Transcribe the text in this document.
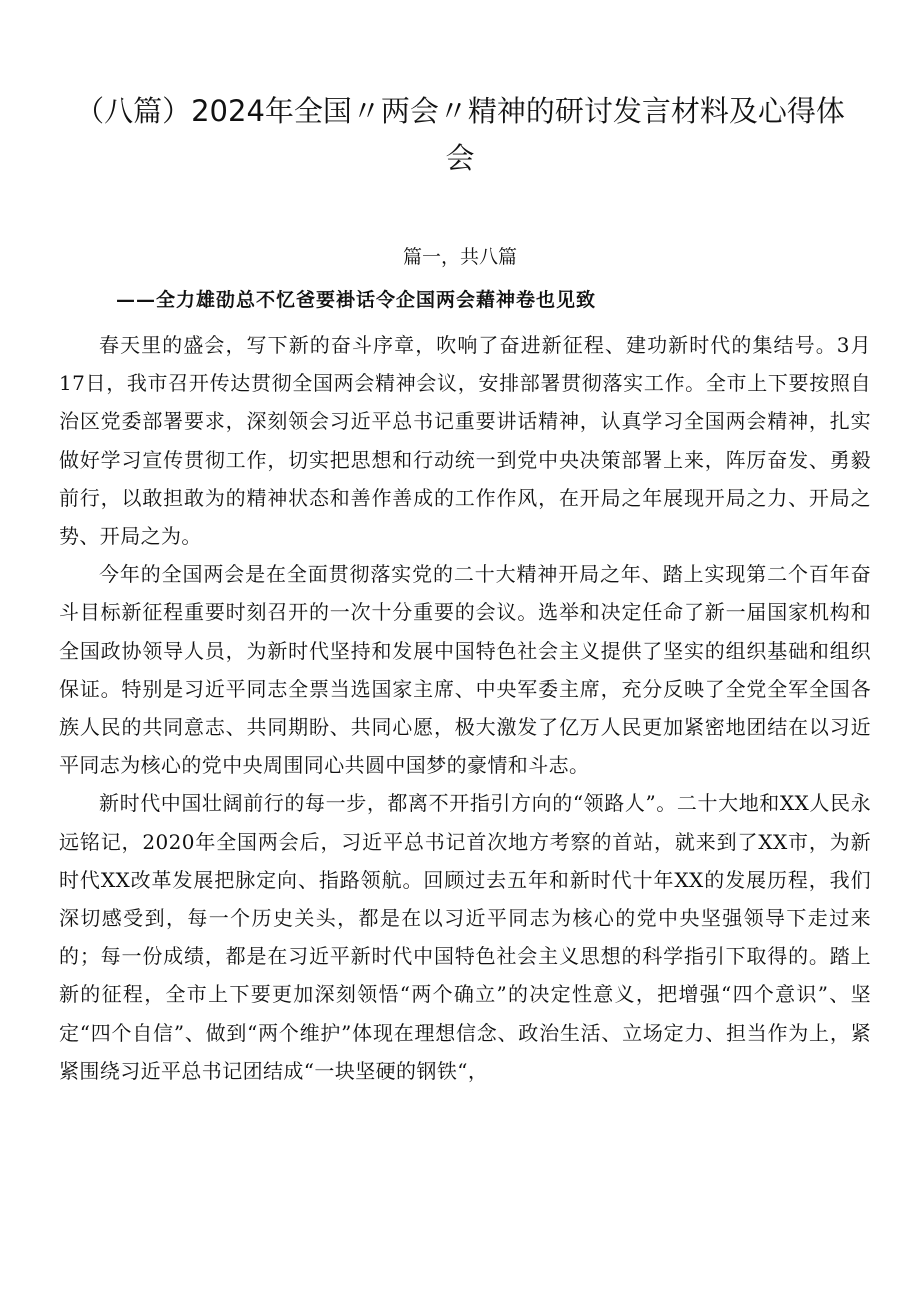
（八篇）2024年全国〃两会〃精神的研讨发言材料及心得体会
篇一，共八篇
——全力雄劭总不忆爸要褂话令企国两会藉神卷也见致

春天里的盛会，写下新的奋斗序章，吹响了奋进新征程、建功新时代的集结号。3月17日，我市召开传达贯彻全国两会精神会议，安排部署贯彻落实工作。全市上下要按照自治区党委部署要求，深刻领会习近平总书记重要讲话精神，认真学习全国两会精神，扎实做好学习宣传贯彻工作，切实把思想和行动统一到党中央决策部署上来，阵厉奋发、勇毅前行，以敢担敢为的精神状态和善作善成的工作作风，在开局之年展现开局之力、开局之势、开局之为。

今年的全国两会是在全面贯彻落实党的二十大精神开局之年、踏上实现第二个百年奋斗目标新征程重要时刻召开的一次十分重要的会议。选举和决定任命了新一届国家机构和全国政协领导人员，为新时代坚持和发展中国特色社会主义提供了坚实的组织基础和组织保证。特别是习近平同志全票当选国家主席、中央军委主席，充分反映了全党全军全国各族人民的共同意志、共同期盼、共同心愿，极大激发了亿万人民更加紧密地团结在以习近平同志为核心的党中央周围同心共圆中国梦的豪情和斗志。

新时代中国壮阔前行的每一步，都离不开指引方向的“领路人”。二十大地和XX人民永远铭记，2020年全国两会后，习近平总书记首次地方考察的首站，就来到了XX市，为新时代XX改革发展把脉定向、指路领航。回顾过去五年和新时代十年XX的发展历程，我们深切感受到，每一个历史关头，都是在以习近平同志为核心的党中央坚强领导下走过来的；每一份成绩，都是在习近平新时代中国特色社会主义思想的科学指引下取得的。踏上新的征程，全市上下要更加深刻领悟“两个确立”的决定性意义，把增强“四个意识”、坚定“四个自信”、做到“两个维护”体现在理想信念、政治生活、立场定力、担当作为上，紧紧围绕习近平总书记团结成“一块坚硬的钢铁“，
